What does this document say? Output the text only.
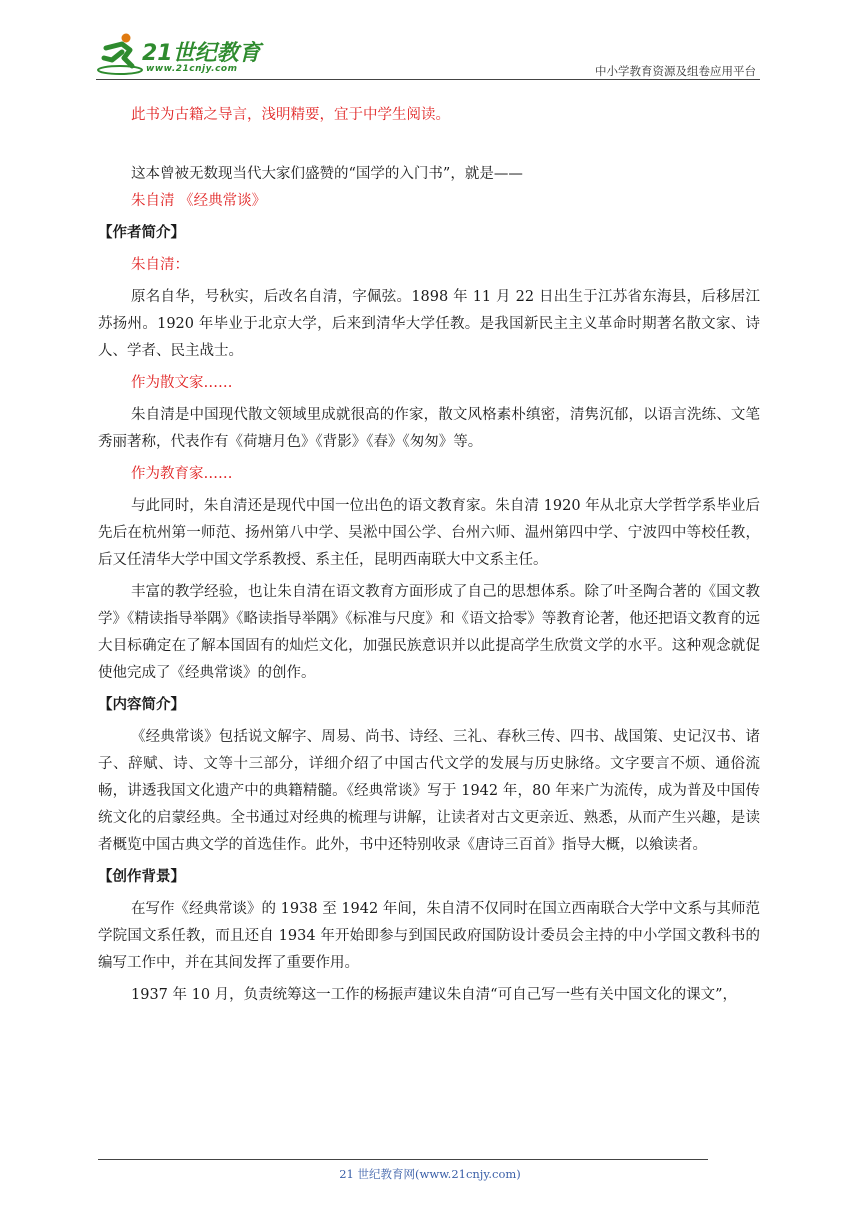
21世纪教育
www.21cnjy.com	中小学教育资源及组卷应用平台

此书为古籍之导言，浅明精要，宜于中学生阅读。

这本曾被无数现当代大家们盛赞的“国学的入门书”，就是——

朱自清 《经典常谈》

【作者简介】

朱自清：

原名自华，号秋实，后改名自清，字佩弦。1898 年 11 月 22 日出生于江苏省东海县，后移居江苏扬州。1920 年毕业于北京大学，后来到清华大学任教。是我国新民主主义革命时期著名散文家、诗人、学者、民主战士。

作为散文家……

朱自清是中国现代散文领域里成就很高的作家，散文风格素朴缜密，清隽沉郁，以语言洗练、文笔秀丽著称，代表作有《荷塘月色》《背影》《春》《匆匆》等。

作为教育家……

与此同时，朱自清还是现代中国一位出色的语文教育家。朱自清 1920 年从北京大学哲学系毕业后先后在杭州第一师范、扬州第八中学、吴淞中国公学、台州六师、温州第四中学、宁波四中等校任教，后又任清华大学中国文学系教授、系主任，昆明西南联大中文系主任。

丰富的教学经验，也让朱自清在语文教育方面形成了自己的思想体系。除了叶圣陶合著的《国文教学》《精读指导举隅》《略读指导举隅》《标准与尺度》和《语文拾零》等教育论著，他还把语文教育的远大目标确定在了解本国固有的灿烂文化，加强民族意识并以此提高学生欣赏文学的水平。这种观念就促使他完成了《经典常谈》的创作。

【内容简介】

《经典常谈》包括说文解字、周易、尚书、诗经、三礼、春秋三传、四书、战国策、史记汉书、诸子、辞赋、诗、文等十三部分，详细介绍了中国古代文学的发展与历史脉络。文字要言不烦、通俗流畅，讲透我国文化遗产中的典籍精髓。《经典常谈》写于 1942 年，80 年来广为流传，成为普及中国传统文化的启蒙经典。全书通过对经典的梳理与讲解，让读者对古文更亲近、熟悉，从而产生兴趣，是读者概览中国古典文学的首选佳作。此外，书中还特别收录《唐诗三百首》指导大概，以飨读者。

【创作背景】

在写作《经典常谈》的 1938 至 1942 年间，朱自清不仅同时在国立西南联合大学中文系与其师范学院国文系任教，而且还自 1934 年开始即参与到国民政府国防设计委员会主持的中小学国文教科书的编写工作中，并在其间发挥了重要作用。

1937 年 10 月，负责统筹这一工作的杨振声建议朱自清“可自己写一些有关中国文化的课文”，

21 世纪教育网(www.21cnjy.com)
